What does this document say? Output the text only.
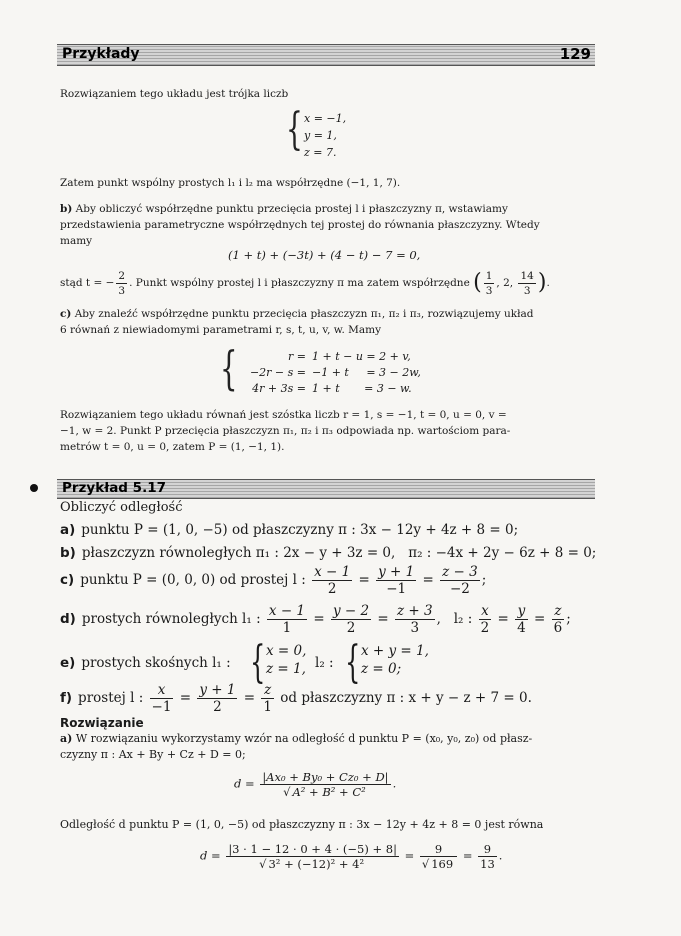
Przykłady	129
Rozwiązaniem tego układu jest trójka liczb
{ x = −1,
y = 1,
z = 7.
Zatem punkt wspólny prostych l₁ i l₂ ma współrzędne (−1, 1, 7).
b) Aby obliczyć współrzędne punktu przecięcia prostej l i płaszczyzny π, wstawiamy
przedstawienia parametryczne współrzędnych tej prostej do równania płaszczyzny. Wtedy
mamy
(1 + t) + (−3t) + (4 − t) − 7 = 0,
stąd t = − $\frac{2}{3}$ . Punkt wspólny prostej l i płaszczyzny π ma zatem współrzędne ( $\frac{1}{3}$ , 2, $\frac{14}{3}$ ).
c) Aby znaleźć współrzędne punktu przecięcia płaszczyzn π₁, π₂ i π₃, rozwiązujemy układ
6 równań z niewiadomymi parametrami r, s, t, u, v, w. Mamy
{	r = 1 + t − u = 2 + v,
−2r − s = −1 + t     = 3 − 2w,
4r + 3s = 1 + t       = 3 − w.
Rozwiązaniem tego układu równań jest szóstka liczb r = 1, s = −1, t = 0, u = 0, v =
−1, w = 2. Punkt P przecięcia płaszczyzn π₁, π₂ i π₃ odpowiada np. wartościom para-
metrów t = 0, u = 0, zatem P = (1, −1, 1).
Przykład 5.17
Obliczyć odległość
a) punktu P = (1, 0, −5) od płaszczyzny π : 3x − 12y + 4z + 8 = 0;
b) płaszczyzn równoległych π₁ : 2x − y + 3z = 0,   π₂ : −4x + 2y − 6z + 8 = 0;
c) punktu P = (0, 0, 0) od prostej l : $\frac{x - 1}{2} = \frac{y + 1}{-1} = \frac{z - 3}{-2}$ ;
d) prostych równoległych l₁ : $\frac{x - 1}{1} = \frac{y - 2}{2} = \frac{z + 3}{3}$ ,   l₂ : $\frac{x}{2} = \frac{y}{4} = \frac{z}{6}$ ;
e) prostych skośnych l₁ : { x = 0,
z = 1, l₂ : { x + y = 1,
z = 0;
f) prostej l : $\frac{x}{-1} = \frac{y + 1}{2} = \frac{z}{1}$ od płaszczyzny π : x + y − z + 7 = 0.
Rozwiązanie
a) W rozwiązaniu wykorzystamy wzór na odległość d punktu P = (x₀, y₀, z₀) od płasz-
czyzny π : Ax + By + Cz + D = 0;
$d = \frac{\text{|Ax₀ + By₀ + Cz₀ + D|}}{\text{√ A² + B² + C²}}$ .
Odległość d punktu P = (1, 0, −5) od płaszczyzny π : 3x − 12y + 4z + 8 = 0 jest równa
$d = \frac{|3 \cdot 1 - 12 \cdot 0 + 4 \cdot (-5) + 8|}{\text{√ 3² + (−12)² + 4²}} = \frac{9}{√ 169} = \frac{9}{13}$ .
